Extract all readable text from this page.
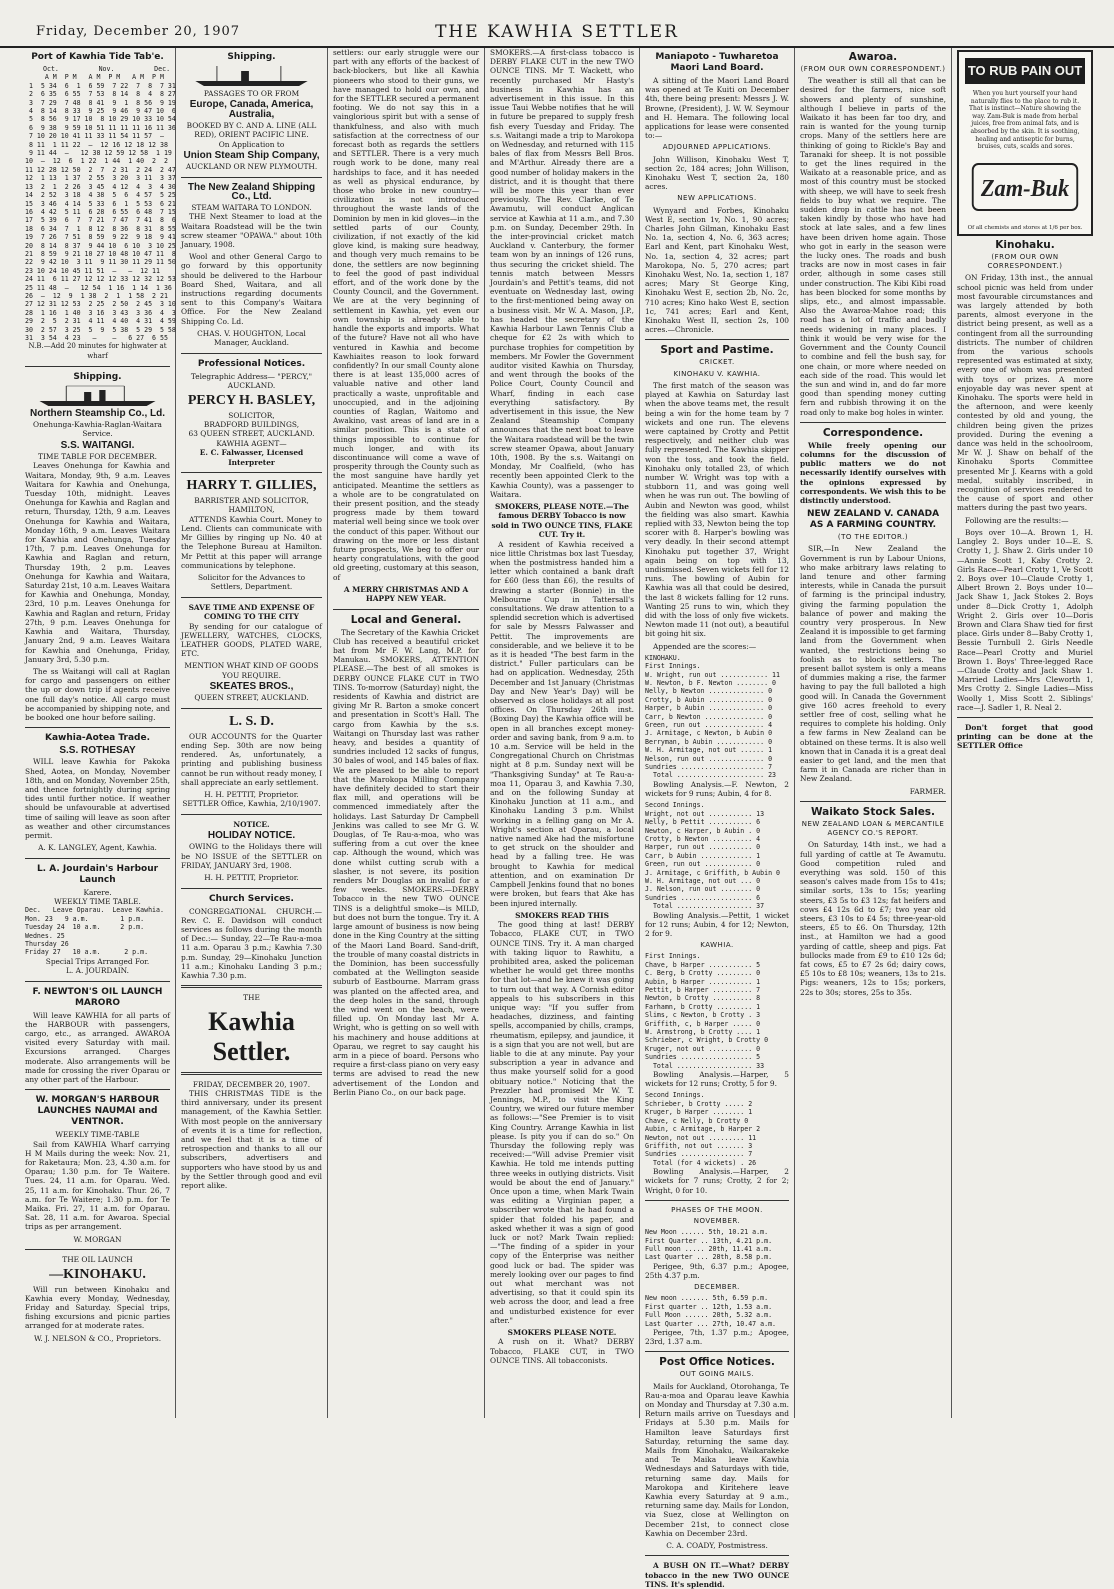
Friday, December 20, 1907	THE KAWHIA SETTLER
Port of Kawhia Tide Tab'e.
Oct.          Nov.          Dec.
A M  P M   A M  P M   A M  P M
1  5 34  6  1  6 59  7 22  7  8  7 31
2  6 35  6 55  7 53  8 14  8  4  8 27
3  7 29  7 48  8 41  9  1  8 56  9 19
4  8 14  8 33  9 25  9 46  9 47 10  6
5  8 56  9 17 10  8 10 29 10 33 10 54
6  9 38  9 59 10 51 11 11 11 16 11 36
7 10 20 10 41 11 33 11 54 11 57  —
8 11  1 11 22  —  12 16 12 18 12 38
9 11 44  —   12 38 12 59 12 58  1 19
10  —  12  6  1 22  1 44  1 40  2  2
11 12 28 12 50  2  7  2 31  2 24  2 47
12  1 13  1 37  2 55  3 20  3 11  3 37
13  2  1  2 26  3 45  4 12  4  3  4 30
14  2 52  3 18  4 38  5  6  4 57  5 25
15  3 46  4 14  5 33  6  1  5 53  6 21
16  4 42  5 11  6 28  6 55  6 48  7 15
17  5 39  6  7  7 21  7 47  7 41  8  6
18  6 34  7  1  8 12  8 36  8 31  8 55
19  7 26  7 51  8 59  9 22  9 18  9 41
20  8 14  8 37  9 44 10  6 10  3 10 25
21  8 59  9 21 10 27 10 48 10 47 11  8
22  9 42 10  3 11  9 11 30 11 29 11 50
23 10 24 10 45 11 51  —   —  12 11
24 11  6 11 27 12 12 12 33 12 32 12 53
25 11 48  —   12 54  1 16  1 14  1 36
26  —  12  9  1 38  2  1  1 58  2 21
27 12 31 12 53  2 25  2 50  2 45  3 10
28  1 16  1 40  3 16  3 43  3 36  4  3
29  2  5  2 31  4 11  4 40  4 31  4 59
30  2 57  3 25  5  9  5 38  5 29  5 58
31  3 54  4 23   —    —   6 27  6 55
N.B.—Add 20 minutes for highwater at wharf
Shipping.
Northern Steamship Co., Ld.
Onehunga-Kawhia-Raglan-Waitara Service.
S.S. WAITANGI.
TIME TABLE FOR DECEMBER.

Leaves Onehunga for Kawhia and Waitara, Monday, 9th, 9 a.m. Leaves Waitara for Kawhia and Onehunga, Tuesday 10th, midnight. Leaves Onehunga for Kawhia and Raglan and return, Thursday, 12th, 9 a.m. Leaves Onehunga for Kawhia and Waitara, Monday 16th, 9 a.m. Leaves Waitara for Kawhia and Onehunga, Tuesday 17th, 7 p.m. Leaves Onehunga for Kawhia and Raglan and return, Thursday 19th, 2 p.m. Leaves Onehunga for Kawhia and Waitara, Saturday 21st, 10 a.m. Leaves Waitara for Kawhia and Onehunga, Monday, 23rd, 10 p.m. Leaves Onehunga for Kawhia and Raglan and return, Friday 27th, 9 p.m. Leaves Onehunga for Kawhia and Waitara, Thursday, January 2nd, 9 a.m. Leaves Waitara for Kawhia and Onehunga, Friday, January 3rd, 5.30 p.m.

The ss Waitangi will call at Raglan for cargo and passengers on either the up or down trip if agents receive one full day's notice. All cargo must be accompanied by shipping note, and be booked one hour before sailing.

Kawhia-Aotea Trade.
S.S. ROTHESAY

WILL leave Kawhia for Pakoka Shed, Aotea, on Monday, November 18th, and on Monday, November 25th, and thence fortnightly during spring tides until further notice. If weather should be unfavourable at advertised time of sailing will leave as soon after as weather and other circumstances permit.

A. K. LANGLEY, Agent, Kawhia.
L. A. Jourdain's Harbour Launch
Karere.
WEEKLY TIME TABLE.
Dec.   Leave Oparau.  Leave Kawhia.
Mon. 23   9 a.m.        1 p.m.
Tuesday 24  10 a.m.     2 p.m.
Wednes. 25
Thursday 26
Friday 27   10 a.m.      2 p.m.
Special Trips Arranged For.
L. A. JOURDAIN.
F. NEWTON'S OIL LAUNCH MARORO

Will leave KAWHIA for all parts of the HARBOUR with passengers, cargo, etc., as arranged. AWAROA visited every Saturday with mail. Excursions arranged. Charges moderate. Also arrangements will be made for crossing the river Oparau or any other part of the Harbour.

W. MORGAN'S HARBOUR LAUNCHES NAUMAI and VENTNOR.
WEEKLY TIME-TABLE

Sail from KAWHIA Wharf carrying H M Mails during the week: Nov. 21, for Raketaura; Mon. 23, 4.30 a.m. for Oparau; 1.30 p.m. for Te Waitere. Tues. 24, 11 a.m. for Oparau. Wed. 25, 11 a.m. for Kinohaku. Thur. 26, 7 a.m. for Te Waitere; 1.30 p.m. for Te Maika. Fri. 27, 11 a.m. for Oparau. Sat. 28, 11 a.m. for Awaroa. Special trips as per arrangement.

W. MORGAN
THE OIL LAUNCH
—KINOHAKU.

Will run between Kinohaku and Kawhia every Monday, Wednesday, Friday and Saturday. Special trips, fishing excursions and picnic parties arranged for at moderate rates.

W. J. NELSON & CO., Proprietors.
Shipping.
PASSAGES TO OR FROM
Europe, Canada, America, Australia,
BOOKED BY C. AND A. LINE (ALL RED), ORIENT PACIFIC LINE.
On Application to
Union Steam Ship Company,
AUCKLAND OR NEW PLYMOUTH.
The New Zealand Shipping Co., Ltd.
STEAM WAITARA TO LONDON.

THE Next Steamer to load at the Waitara Roadstead will be the twin screw steamer "OPAWA." about 10th January, 1908.

Wool and other General Cargo to go forward by this opportunity should be delivered to the Harbour Board Shed, Waitara, and all instructions regarding documents sent to this Company's Waitara Office. For the New Zealand Shipping Co. Ld.

CHAS. V. HOUGHTON, Local Manager, Auckland.
Professional Notices.
Telegraphic Address— "PERCY," AUCKLAND.
PERCY H. BASLEY,
SOLICITOR,
BRADFORD BUILDINGS,
63 QUEEN STREET, AUCKLAND.
KAWHIA AGENT—
E. C. Falwasser, Licensed Interpreter
HARRY T. GILLIES,
BARRISTER AND SOLICITOR,
HAMILTON,

ATTENDS Kawhia Court. Money to Lend. Clients can communicate with Mr Gillies by ringing up No. 40 at the Telephone Bureau at Hamilton. Mr Pettit at this paper will arrange communications by telephone.

Solicitor for the Advances to Settlers, Department.
SAVE TIME AND EXPENSE OF COMING TO THE CITY

By sending for our catalogue of JEWELLERY, WATCHES, CLOCKS, LEATHER GOODS, PLATED WARE, ETC.

MENTION WHAT KIND OF GOODS YOU REQUIRE.
SKEATES BROS.,
QUEEN STREET, AUCKLAND.
L. S. D.

OUR ACCOUNTS for the Quarter ending Sep. 30th are now being rendered. As, unfortunately, a printing and publishing business cannot be run without ready money, I shall appreciate an early settlement.

H. H. PETTIT, Proprietor.
SETTLER Office, Kawhia, 2/10/1907.
NOTICE.
HOLIDAY NOTICE.

OWING to the Holidays there will be NO ISSUE of the SETTLER on FRIDAY, JANUARY 3rd, 1908.

H. H. PETTIT, Proprietor.
Church Services.

CONGREGATIONAL CHURCH.—Rev. C. E. Davidson will conduct services as follows during the month of Dec.:— Sunday, 22—Te Rau-a-moa 11 a.m. Oparau 3 p.m.; Kawhia 7.30 p.m. Sunday, 29—Kinohaku Junction 11 a.m.; Kinohaku Landing 3 p.m.; Kawhia 7.30 p.m.

THE
Kawhia Settler.
FRIDAY, DECEMBER 20, 1907.

THIS CHRISTMAS TIDE is the third anniversary, under its present management, of the Kawhia Settler. With most people on the anniversary of events it is a time for reflection, and we feel that it is a time of retrospection and thanks to all our subscribers, advertisers and supporters who have stood by us and by the Settler through good and evil report alike.

settlers: our early struggle were our part with any efforts of the backest of back-blockers, but like all Kawhia pioneers who stood to their guns, we have managed to hold our own, and for the SETTLER secured a permanent footing. We do not say this in a vainglorious spirit but with a sense of thankfulness, and also with much satisfaction at the correctness of our forecast both as regards the settlers and SETTLER. There is a very much rough work to be done, many real hardships to face, and it has needed as well as physical endurance, by those who broke in new country—civilization is not introduced throughout the waste lands of the Dominion by men in kid gloves—in the settled parts of our County, civilization, if not exactly of the kid glove kind, is making sure headway, and though very much remains to be done, the settlers are now beginning to feel the good of past individual effort, and of the work done by the County Council, and the Government. We are at the very beginning of settlement in Kawhia, yet even our own township is already able to handle the exports and imports. What of the future? Have not all who have ventured in Kawhia and become Kawhiaites reason to look forward confidently? In our small County alone there is at least 135,000 acres of valuable native and other land practically a waste, unprofitable and unoccupied, and in the adjoining counties of Raglan, Waitomo and Awakino, vast areas of land are in a similar position. This is a state of things impossible to continue for much longer, and with its discontinuance will come a wave of prosperity through the County such as the most sanguine have hardly yet anticipated. Meantime the settlers as a whole are to be congratulated on their present position, and the steady progress made by them toward material well being since we took over the conduct of this paper. Without our drawing on the more or less distant future prospects, We beg to offer our hearty congratulations, with the good old greeting, customary at this season, of

A MERRY CHRISTMAS AND A HAPPY NEW YEAR.
Local and General.

The Secretary of the Kawhia Cricket Club has received a beautiful cricket bat from Mr F. W. Lang, M.P. for Manukau. SMOKERS, ATTENTION PLEASE.—The best of all smokes is DERBY OUNCE FLAKE CUT in TWO TINS. To-morrow (Saturday) night, the residents of Kawhia and district are giving Mr R. Barton a smoke concert and presentation in Scott's Hall. The cargo from Kawhia by the s.s. Waitangi on Thursday last was rather heavy, and besides a quantity of sundries included 12 sacks of fungus, 30 bales of wool, and 145 bales of flax. We are pleased to be able to report that the Marokopa Milling Company have definitely decided to start their flax mill, and operations will be commenced immediately after the holidays. Last Saturday Dr Campbell Jenkins was called to see Mr G. W. Douglas, of Te Rau-a-moa, who was suffering from a cut over the knee cap. Although the wound, which was done whilst cutting scrub with a slasher, is not severe, its position renders Mr Douglas an invalid for a few weeks. SMOKERS.—DERBY Tobacco in the new TWO OUNCE TINS is a delightful smoke—is MILD, but does not burn the tongue. Try it. A large amount of business is now being done in the King Country at the sitting of the Maori Land Board. Sand-drift, the trouble of many coastal districts in the Dominion, has been successfully combated at the Wellington seaside suburb of Eastbourne. Marram grass was planted on the affected area, and the deep holes in the sand, through the wind went on the beach, were filled up. On Monday last Mr A. Wright, who is getting on so well with his machinery and house additions at Oparau, we regret to say caught his arm in a piece of board. Persons who require a first-class piano on very easy terms are advised to read the new advertisement of the London and Berlin Piano Co., on our back page.

SMOKERS.—A first-class tobacco is DERBY FLAKE CUT in the new TWO OUNCE TINS. Mr T. Wackett, who recently purchased Mr Hasty's business in Kawhia has an advertisement in this issue. In this issue Taui Webbe notifies that he will in future be prepared to supply fresh fish every Tuesday and Friday. The s.s. Waitangi made a trip to Marokopa on Wednesday, and returned with 115 bales of flax from Messrs Bell Bros. and M'Arthur. Already there are a good number of holiday makers in the district, and it is thought that there will be more this year than ever previously. The Rev. Clarke, of Te Awamutu, will conduct Anglican service at Kawhia at 11 a.m., and 7.30 p.m. on Sunday, December 29th. In the inter-provincial cricket match Auckland v. Canterbury, the former team won by an innings of 126 runs, thus securing the cricket shield. The tennis match between Messrs Jourdain's and Pettit's teams, did not eventuate on Wednesday last, owing to the first-mentioned being away on a business visit. Mr W. A. Mason, J.P., has headed the secretary of the Kawhia Harbour Lawn Tennis Club a cheque for £2 2s with which to purchase trophies for competition by members. Mr Fowler the Government auditor visited Kawhia on Thursday, and went through the books of the Police Court, County Council and Wharf, finding in each case everything satisfactory. By advertisement in this issue, the New Zealand Steamship Company announces that the next boat to leave the Waitara roadstead will be the twin screw steamer Opawa, about January 10th, 1908. By the s.s. Waitangi on Monday, Mr Coalfield, (who has recently been appointed Clerk to the Kawhia County), was a passenger to Waitara.

SMOKERS, PLEASE NOTE.—The famous DERBY Tobacco is now sold in TWO OUNCE TINS, FLAKE CUT. Try it.

A resident of Kawhia received a nice little Christmas box last Tuesday, when the postmistress handed him a letter which contained a bank draft for £60 (less than £6), the results of drawing a starter (Bonnie) in the Melbourne Cup in Tattersall's consultations. We draw attention to a splendid secretion which is advertised for sale by Messrs Falwasser and Pettit. The improvements are considerable, and we believe it to be as it is headed "The best farm in the district." Fuller particulars can be had on application. Wednesday, 25th December and 1st January (Christmas Day and New Year's Day) will be observed as close holidays at all post offices. On Thursday 26th inst. (Boxing Day) the Kawhia office will be open in all branches except money-order and saving bank, from 9 a.m. to 10 a.m. Service will be held in the Congregational Church on Christmas night at 8 p.m. Sunday next will be "Thanksgiving Sunday" at Te Rau-a-moa 11, Oparau 3, and Kawhia 7.30, and on the following Sunday at Kinohaku Junction at 11 a.m., and Kinohaku Landing 3 p.m. Whilst working in a felling gang on Mr A. Wright's section at Oparau, a local native named Ake had the misfortune to get struck on the shoulder and head by a falling tree. He was brought to Kawhia for medical attention, and on examination Dr Campbell Jenkins found that no bones were broken, but fears that Ake has been injured internally.

SMOKERS READ THIS

The good thing at last! DERBY Tobacco, FLAKE CUT, in TWO OUNCE TINS. Try it. A man charged with taking liquor to Rawhitu, a prohibited area, asked the policeman whether he would get three months for that lot—and he knew it was going to turn out that way. A Cornish editor appeals to his subscribers in this unique way: "If you suffer from headaches, dizziness, and fainting spells, accompanied by chills, cramps, rheumatism, epilepsy, and jaundice, it is a sign that you are not well, but are liable to die at any minute. Pay your subscription a year in advance and thus make yourself solid for a good obituary notice." Noticing that the Prezzler had promised Mr W. T. Jennings, M.P., to visit the King Country, we wired our future member as follows:—"See Premier is to visit King Country. Arrange Kawhia in list please. Is pity you if can do so." On Thursday the following reply was received:—"Will advise Premier visit Kawhia. He told me intends putting three weeks in outlying districts. Visit would be about the end of January." Once upon a time, when Mark Twain was editing a Virginian paper, a subscriber wrote that he had found a spider that folded his paper, and asked whether it was a sign of good luck or not? Mark Twain replied:—"The finding of a spider in your copy of the Enterprise was neither good luck or bad. The spider was merely looking over our pages to find out what merchant was not advertising, so that it could spin its web across the door, and lead a free and undisturbed existence for ever after."

SMOKERS PLEASE NOTE.

A rush on it. What? DERBY Tobacco, FLAKE CUT, in TWO OUNCE TINS. All tobacconists.

Maniapoto - Tuwharetoa Maori Land Board.

A sitting of the Maori Land Board was opened at Te Kuiti on December 4th, there being present: Messrs J. W. Browne, (President), J. W. W. Seymour and H. Hemara. The following local applications for lease were consented to:—

ADJOURNED APPLICATIONS.

John Willison, Kinohaku West T, section 2c, 184 acres; John Willison, Kinohaku West T, section 2a, 180 acres.

NEW APPLICATIONS.

Wynyard and Forbes, Kinohaku West E, section 1v, No. 1, 90 acres; Charles John Gilman, Kinohaku East No. 1a, section 4, No. 6, 363 acres; Earl and Kent, part Kinohaku West, No. 1a, section 4, 32 acres; part Marokopa, No. 5, 270 acres; part Kinohaku West, No. 1a, section 1, 187 acres; Mary St George King, Kinohaku West E, section 2b, No. 2c, 710 acres; Kino hako West E, section 1c, 741 acres; Earl and Kent, Kinohaku West II, section 2s, 100 acres.—Chronicle.

Sport and Pastime.
CRICKET.
KINOHAKU V. KAWHIA.

The first match of the season was played at Kawhia on Saturday last when the above teams met, the result being a win for the home team by 7 wickets and one run. The elevens were captained by Crotty and Pettit respectively, and neither club was fully represented. The Kawhia skipper won the toss, and took the field. Kinohaku only totalled 23, of which number W. Wright was top with a stubborn 11, and was going well when he was run out. The bowling of Aubin and Newton was good, whilst the fielding was also smart. Kawhia replied with 33, Newton being the top scorer with 8. Harper's bowling was very deadly. In their second attempt Kinohaku put together 37, Wright again being on top with 13, undismissed. Seven wickets fell for 12 runs. The bowling of Aubin for Kawhia was all that could be desired, the last 8 wickets falling for 12 runs. Wanting 25 runs to win, which they did with the loss of only five wickets. Newton made 11 (not out), a beautiful bit going hit six.

Appended are the scores:—

KINOHAKU.
First Innings.
W. Wright, run out ............ 11
W. Newton, b F. Newton ........ 0
Nelly, b Newton .............. 0
Crotty, b Aubin .............. 0
Harper, b Aubin .............. 0
Carr, b Newton ............... 0
Green, run out ............... 4
J. Armitage, c Newton, b Aubin 0
Berryman, b Aubin ............ 0
W. H. Armitage, not out ...... 1
Nelson, run out .............. 0
Sundries ..................... 7
Total ...................... 23

Bowling Analysis.—F. Newton, 2 wickets for 9 runs; Aubin, 4 for 8.

Second Innings.
Wright, not out ........... 13
Nelly, b Pettit ........... 6
Newton, c Harper, b Aubin . 0
Crotty, b Newton .......... 4
Harper, run out ........... 0
Carr, b Aubin ............. 1
Green, run out ............ 0
J. Armitage, c Griffith, b Aubin 0
W. H. Armitage, not out ... 0
J. Nelson, run out ........ 0
Sundries .................. 6
Total ................... 37

Bowling Analysis.—Pettit, 1 wicket for 12 runs; Aubin, 4 for 12; Newton, 2 for 9.

KAWHIA.
First Innings.
Chave, b Harper ........... 5
C. Berg, b Crotty ......... 0
Aubin, b Harper ........... 1
Pettit, b Harper .......... 7
Newton, b Crotty .......... 8
Farhamn, b Crotty ......... 1
Slims, c Newton, b Crotty . 3
Griffith, c, b Harper ..... 0
W. Armstrong, b Crotty .... 1
Schrieber, c Wright, b Crotty 0
Kruger, not out ........... 0
Sundries .................. 5
Total ................... 33

Bowling Analysis.—Harper, 5 wickets for 12 runs; Crotty, 5 for 9.

Second Innings.
Schrieber, b Crotty ..... 2
Kruger, b Harper ........ 1
Chave, c Nelly, b Crotty 0
Aubin, c Armitage, b Harper 2
Newton, not out ......... 11
Griffith, not out ....... 3
Sundries ................ 7
Total (for 4 wickets) . 26

Bowling Analysis.—Harper, 2 wickets for 7 runs; Crotty, 2 for 2; Wright, 0 for 10.

PHASES OF THE MOON.
NOVEMBER.
New Moon ...... 5th, 10.21 a.m.
First Quarter .. 13th, 4.21 p.m.
Full moon ..... 20th, 11.41 a.m.
Last Quarter ... 28th, 8.58 p.m.

Perigee, 9th, 6.37 p.m.; Apogee, 25th 4.37 p.m.

DECEMBER.
New moon ....... 5th, 6.59 p.m.
First quarter .. 12th, 1.53 a.m.
Full Moon ...... 20th, 5.32 a.m.
Last Quarter ... 27th, 10.47 a.m.

Perigee, 7th, 1.37 p.m.; Apogee, 23rd, 1.37 a.m.

Post Office Notices.
OUT GOING MAILS.

Mails for Auckland, Otorohanga, Te Rau-a-moa and Oparau leave Kawhia on Monday and Thursday at 7.30 a.m. Return mails arrive on Tuesdays and Fridays at 5.30 p.m. Mails for Hamilton leave Saturdays first Saturday, returning the same day. Mails from Kinohaku, Waikarakeke and Te Maika leave Kawhia Wednesdays and Saturdays with tide, returning same day. Mails for Marokopa and Kiritehere leave Kawhia every Saturday at 9 a.m., returning same day. Mails for London, via Suez, close at Wellington on December 21st, to connect close Kawhia on December 23rd.

C. A. COADY, Postmistress.

A BUSH ON IT.—What? DERBY tobacco in the new TWO OUNCE TINS. It's splendid.

Awaroa.
(FROM OUR OWN CORRESPONDENT.)

The weather is still all that can be desired for the farmers, nice soft showers and plenty of sunshine, although I believe in parts of the Waikato it has been far too dry, and rain is wanted for the young turnip crops. Many of the settlers here are thinking of going to Rickle's Bay and Taranaki for sheep. It is not possible to get the lines required in the Waikato at a reasonable price, and as most of this country must be stocked with sheep, we will have to seek fresh fields to buy what we require. The sudden drop in cattle has not been taken kindly by those who have had stock at late sales, and a few lines have been driven home again. Those who got in early in the season were the lucky ones. The roads and bush tracks are now in most cases in fair order, although in some cases still under construction. The Kibi Kibi road has been blocked for some months by slips, etc., and almost impassable. Also the Awaroa-Mahoe road; this road has a lot of traffic and badly needs widening in many places. I think it would be very wise for the Government and the County Council to combine and fell the bush say, for one chain, or more where needed on each side of the road. This would let the sun and wind in, and do far more good than spending money cutting fern and rubbish throwing it on the road only to make bog holes in winter.

Correspondence.

While freely opening our columns for the discussion of public matters we do not necessarily identify ourselves with the opinions expressed by correspondents. We wish this to be distinctly understood.

NEW ZEALAND V. CANADA AS A FARMING COUNTRY.
(TO THE EDITOR.)

SIR,—In New Zealand the Government is run by Labour Unions, who make arbitrary laws relating to land tenure and other farming interests, while in Canada the pursuit of farming is the principal industry, giving the farming population the balance of power and making the country very prosperous. In New Zealand it is impossible to get farming land from the Government when wanted, the restrictions being so foolish as to block settlers. The present ballot system is only a means of dummies making a rise, the farmer having to pay the full balloted a high good will. In Canada the Government give 160 acres freehold to every settler free of cost, selling what he requires to complete his holding. Only a few farms in New Zealand can be obtained on these terms. It is also well known that in Canada it is a great deal easier to get land, and the men that farm it in Canada are richer than in New Zealand.

FARMER.
Waikato Stock Sales.
NEW ZEALAND LOAN & MERCANTILE AGENCY CO.'S REPORT.

On Saturday, 14th inst., we had a full yarding of cattle at Te Awamutu. Good competition ruled and everything was sold. 150 of this season's calves made from 15s to 41s; similar sorts, 13s to 15s; yearling steers, £3 5s to £3 12s; fat heifers and cows £4 12s 6d to £7; two year old steers, £3 10s to £4 5s; three-year-old steers, £5 to £6. On Thursday, 12th inst., at Hamilton we had a good yarding of cattle, sheep and pigs. Fat bullocks made from £9 to £10 12s 6d; fat cows, £5 to £7 2s 6d; dairy cows, £5 10s to £8 10s; weaners, 13s to 21s. Pigs: weaners, 12s to 15s; porkers, 22s to 30s; stores, 25s to 35s.

TO RUB PAIN OUT
When you hurt yourself your hand naturally flies to the place to rub it. That is instinct—Nature showing the way. Zam-Buk is made from herbal juices, free from animal fats, and is absorbed by the skin. It is soothing, healing and antiseptic for burns, bruises, cuts, scalds and sores.
Zam-Buk
Of all chemists and stores at 1/6 per box.
Kinohaku.
(FROM OUR OWN CORRESPONDENT.)

ON Friday, 13th inst., the annual school picnic was held from under most favourable circumstances and was largely attended by both parents, almost everyone in the district being present, as well as a contingent from all the surrounding districts. The number of children from the various schools represented was estimated at sixty, every one of whom was presented with toys or prizes. A more enjoyable day was never spent at Kinohaku. The sports were held in the afternoon, and were keenly contested by old and young, the children being given the prizes provided. During the evening a dance was held in the schoolroom, Mr W. J. Shaw on behalf of the Kinohaku Sports Committee presented Mr J. Kearns with a gold medal, suitably inscribed, in recognition of services rendered to the cause of sport and other matters during the past two years.

Following are the results:—

Boys over 10—A. Brown 1, H. Langley 2. Boys under 10—E. S. Crotty 1, J. Shaw 2. Girls under 10—Annie Scott 1, Kaby Crotty 2. Girls Race—Pearl Crotty 1, Ve Scott 2. Boys over 10—Claude Crotty 1, Albert Brown 2. Boys under 10—Jack Shaw 1, Jack Stokes 2. Boys under 8—Dick Crotty 1, Adolph Wright 2. Girls over 10—Doris Brown and Clara Shaw tied for first place. Girls under 8—Baby Crotty 1, Bessie Turnbull 2. Girls Needle Race—Pearl Crotty and Muriel Brown 1. Boys' Three-legged Race—Claude Crotty and Jack Shaw 1. Married Ladies—Mrs Cleworth 1, Mrs Crotty 2. Single Ladies—Miss Woolly 1, Miss Scott 2. Siblings' race—J. Sadler 1, R. Neal 2.

Don't forget that good printing can be done at the SETTLER Office
